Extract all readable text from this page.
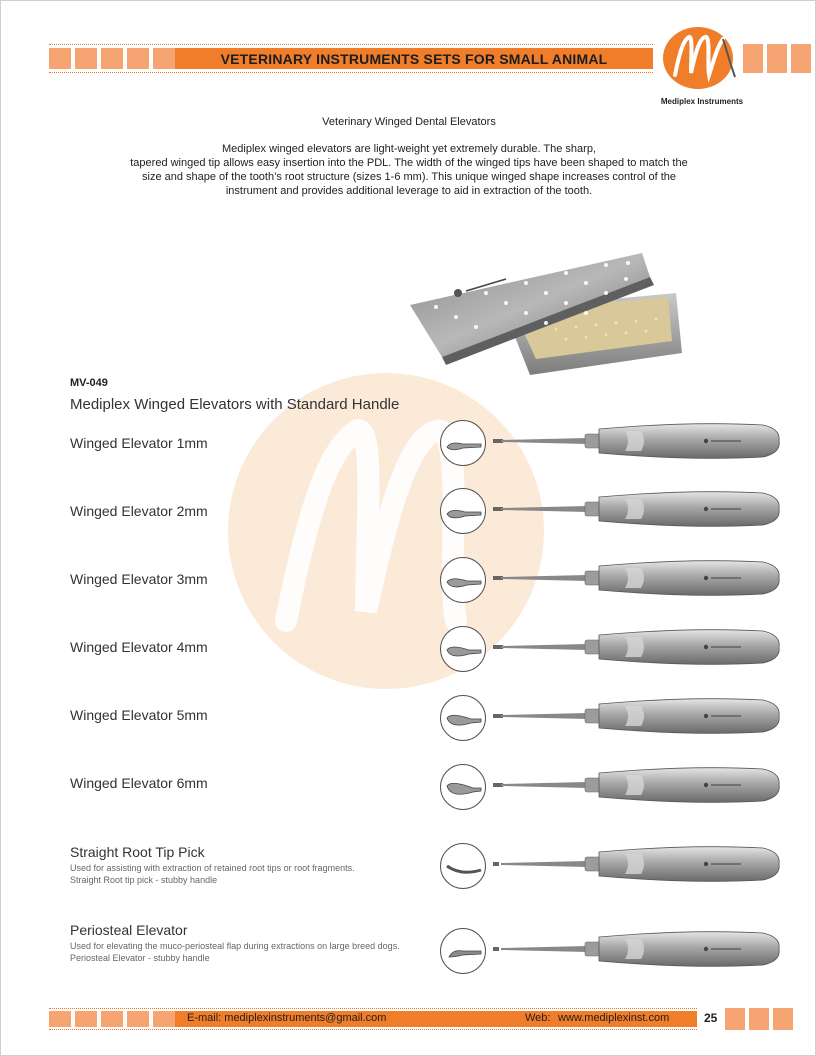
VETERINARY INSTRUMENTS SETS FOR SMALL ANIMAL
Mediplex Instruments
Veterinary Winged Dental Elevators
Mediplex winged elevators are light-weight yet extremely durable. The sharp,
tapered winged tip allows easy insertion into the PDL. The width of the winged tips have been shaped to match the
size and shape of the tooth’s root structure (sizes 1-6 mm). This unique winged shape increases control of the
instrument and provides additional leverage to aid in extraction of the tooth.
MV-049
Mediplex Winged Elevators with Standard Handle
Winged Elevator 1mm
Winged Elevator 2mm
Winged Elevator 3mm
Winged Elevator 4mm
Winged Elevator 5mm
Winged Elevator 6mm
Straight Root Tip Pick
Used for assisting with extraction of retained root tips or root fragments.
Straight Root tip pick - stubby handle
Periosteal Elevator
Used for elevating the muco-periosteal flap during extractions on large breed dogs.
Periosteal Elevator - stubby handle
E-mail: mediplexinstruments@gmail.com	Web: www.mediplexinst.com	25
